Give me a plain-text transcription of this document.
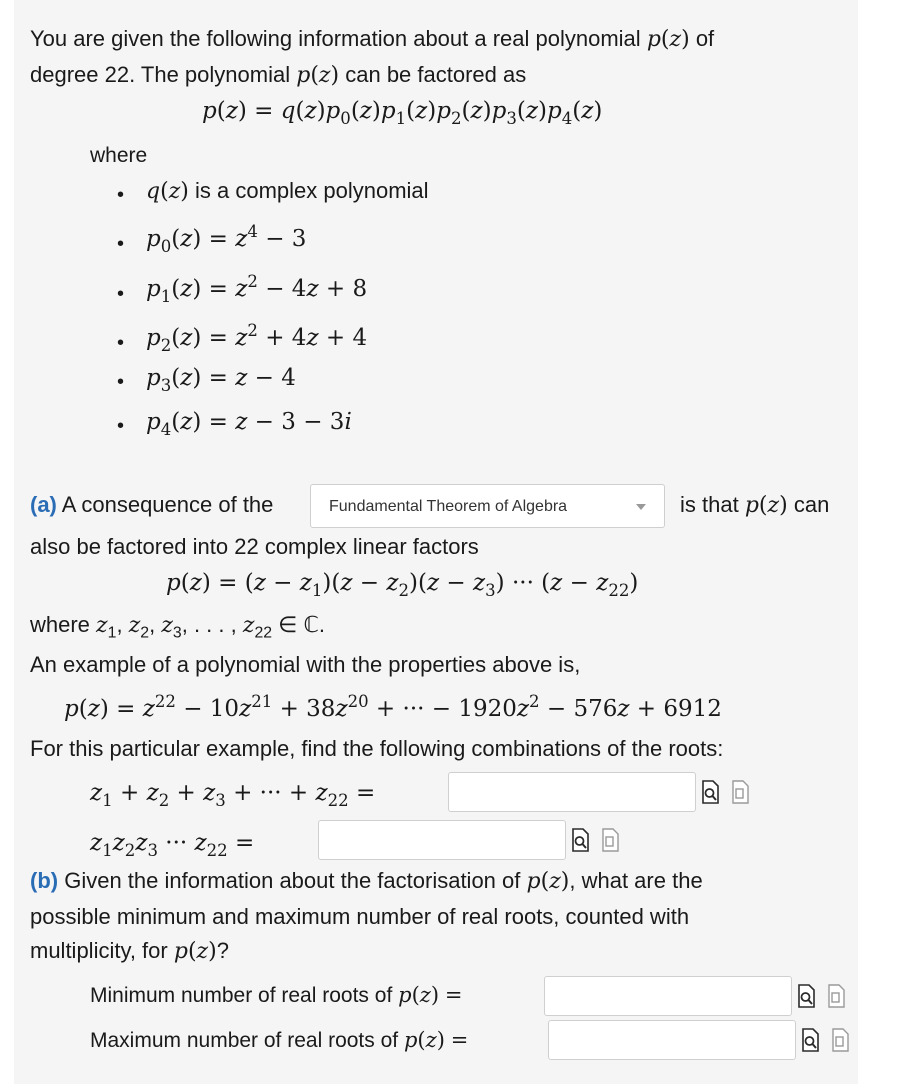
You are given the following information about a real polynomial p(z) of
degree 22. The polynomial p(z) can be factored as
$p(z) = q(z)p_0(z)p_1(z)p_2(z)p_3(z)p_4(z)$
where
• q(z) is a complex polynomial
• $p_0(z) = z^4 - 3$
• $p_1(z) = z^2 - 4z + 8$
• $p_2(z) = z^2 + 4z + 4$
• $p_3(z) = z - 4$
• $p_4(z) = z - 3 - 3i$
(a) A consequence of the	Fundamental Theorem of Algebra	is that p(z) can
also be factored into 22 complex linear factors
$p(z) = (z - z_1)(z - z_2)(z - z_3)$ ··· $(z - z_{22})$
where $z_1$, $z_2$, $z_3$, . . . , $z_{22}$ ∈ ℂ.
An example of a polynomial with the properties above is,
$p(z) = z^{22} - 10z^{21} + 38z^{20}$ + ··· − $1920z^2 - 576z + 6912$
For this particular example, find the following combinations of the roots:
$z_1 + z_2 + z_3$ + ··· + $z_{22}$ =
$z_1z_2z_3$ ··· $z_{22}$ =
(b) Given the information about the factorisation of p(z), what are the
possible minimum and maximum number of real roots, counted with
multiplicity, for p(z)?
Minimum number of real roots of p(z) =
Maximum number of real roots of p(z) =
